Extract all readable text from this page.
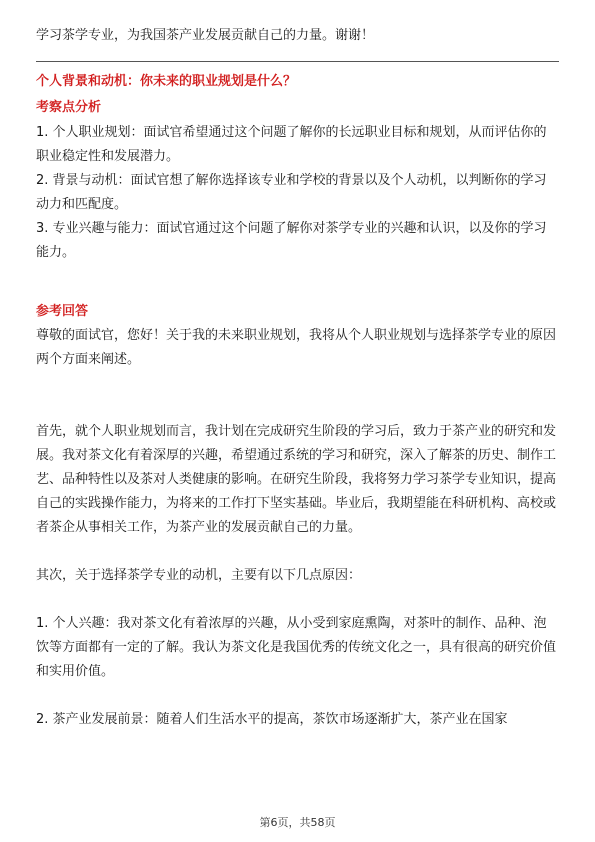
学习茶学专业，为我国茶产业发展贡献自己的力量。谢谢！

个人背景和动机：你未来的职业规划是什么？

考察点分析

1. 个人职业规划：面试官希望通过这个问题了解你的长远职业目标和规划，从而评估你的职业稳定性和发展潜力。

2. 背景与动机：面试官想了解你选择该专业和学校的背景以及个人动机，以判断你的学习动力和匹配度。

3. 专业兴趣与能力：面试官通过这个问题了解你对茶学专业的兴趣和认识，以及你的学习能力。

参考回答

尊敬的面试官，您好！关于我的未来职业规划，我将从个人职业规划与选择茶学专业的原因两个方面来阐述。

首先，就个人职业规划而言，我计划在完成研究生阶段的学习后，致力于茶产业的研究和发展。我对茶文化有着深厚的兴趣，希望通过系统的学习和研究，深入了解茶的历史、制作工艺、品种特性以及茶对人类健康的影响。在研究生阶段，我将努力学习茶学专业知识，提高自己的实践操作能力，为将来的工作打下坚实基础。毕业后，我期望能在科研机构、高校或者茶企从事相关工作，为茶产业的发展贡献自己的力量。

其次，关于选择茶学专业的动机，主要有以下几点原因：

1. 个人兴趣：我对茶文化有着浓厚的兴趣，从小受到家庭熏陶，对茶叶的制作、品种、泡饮等方面都有一定的了解。我认为茶文化是我国优秀的传统文化之一，具有很高的研究价值和实用价值。

2. 茶产业发展前景：随着人们生活水平的提高，茶饮市场逐渐扩大，茶产业在国家

第6页，共58页
